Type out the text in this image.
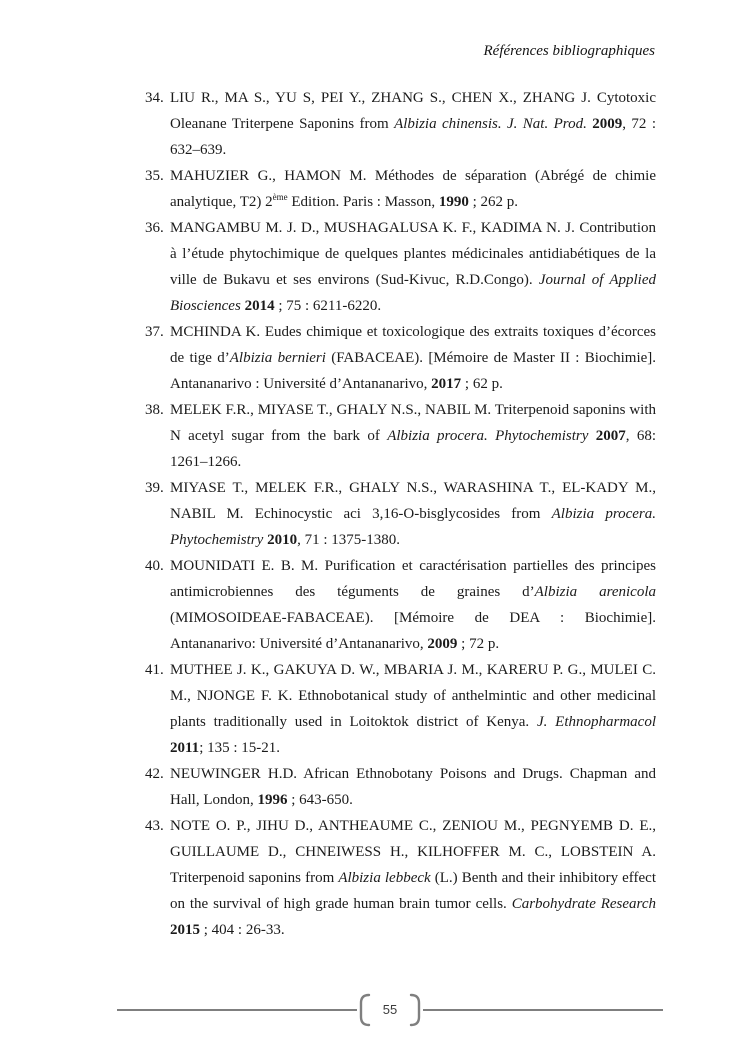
Références bibliographiques
34. LIU R., MA S., YU S, PEI Y., ZHANG S., CHEN X., ZHANG J. Cytotoxic Oleanane Triterpene Saponins from Albizia chinensis. J. Nat. Prod. 2009, 72 : 632–639.
35. MAHUZIER G., HAMON M. Méthodes de séparation (Abrégé de chimie analytique, T2) 2ème Edition. Paris : Masson, 1990 ; 262 p.
36. MANGAMBU M. J. D., MUSHAGALUSA K. F., KADIMA N. J. Contribution à l’étude phytochimique de quelques plantes médicinales antidiabétiques de la ville de Bukavu et ses environs (Sud-Kivuc, R.D.Congo). Journal of Applied Biosciences 2014 ; 75 : 6211-6220.
37. MCHINDA K. Eudes chimique et toxicologique des extraits toxiques d’écorces de tige d’Albizia bernieri (FABACEAE). [Mémoire de Master II : Biochimie]. Antananarivo : Université d’Antananarivo, 2017 ; 62 p.
38. MELEK F.R., MIYASE T., GHALY N.S., NABIL M. Triterpenoid saponins with N acetyl sugar from the bark of Albizia procera. Phytochemistry 2007, 68: 1261–1266.
39. MIYASE T., MELEK F.R., GHALY N.S., WARASHINA T., EL-KADY M., NABIL M. Echinocystic aci 3,16-O-bisglycosides from Albizia procera. Phytochemistry 2010, 71 : 1375-1380.
40. MOUNIDATI E. B. M. Purification et caractérisation partielles des principes antimicrobiennes des téguments de graines d’Albizia arenicola (MIMOSOIDEAE-FABACEAE). [Mémoire de DEA : Biochimie]. Antananarivo: Université d’Antananarivo, 2009 ; 72 p.
41. MUTHEE J. K., GAKUYA D. W., MBARIA J. M., KARERU P. G., MULEI C. M., NJONGE F. K. Ethnobotanical study of anthelmintic and other medicinal plants traditionally used in Loitoktok district of Kenya. J. Ethnopharmacol 2011; 135 : 15-21.
42. NEUWINGER H.D. African Ethnobotany Poisons and Drugs. Chapman and Hall, London, 1996 ; 643-650.
43. NOTE O. P., JIHU D., ANTHEAUME C., ZENIOU M., PEGNYEMB D. E., GUILLAUME D., CHNEIWESS H., KILHOFFER M. C., LOBSTEIN A. Triterpenoid saponins from Albizia lebbeck (L.) Benth and their inhibitory effect on the survival of high grade human brain tumor cells. Carbohydrate Research 2015 ; 404 : 26-33.
55
